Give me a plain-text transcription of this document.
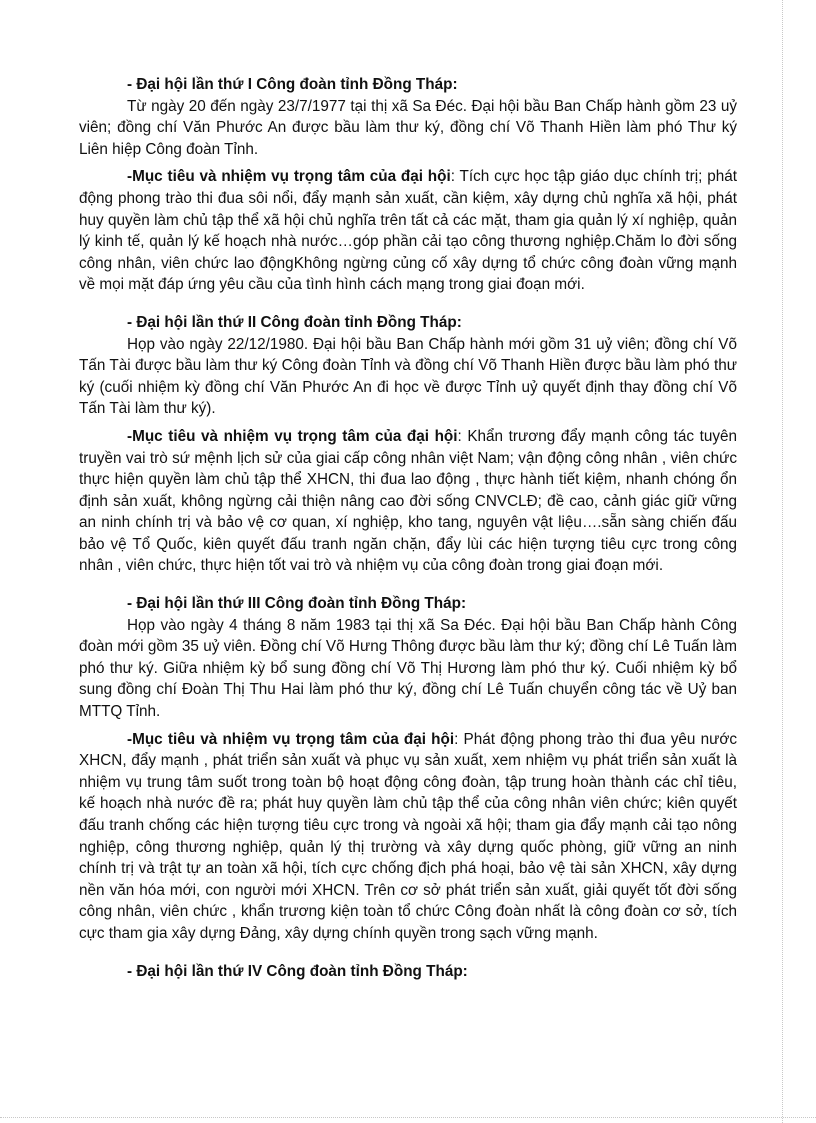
- Đại hội lần thứ I Công đoàn tỉnh Đồng Tháp:

Từ ngày 20 đến ngày 23/7/1977 tại thị xã Sa Đéc. Đại hội bầu Ban Chấp hành gồm 23 uỷ viên; đồng chí Văn Phước An được bầu làm thư ký, đồng chí Võ Thanh Hiền làm phó Thư ký Liên hiệp Công đoàn Tỉnh.

-Mục tiêu và nhiệm vụ trọng tâm của đại hội: Tích cực học tập giáo dục chính trị; phát động phong trào thi đua sôi nổi, đẩy mạnh sản xuất, cần kiệm, xây dựng chủ nghĩa xã hội, phát huy quyền làm chủ tập thể xã hội chủ nghĩa trên tất cả các mặt, tham gia quản lý xí nghiệp, quản lý kinh tế, quản lý kế hoạch nhà nước…góp phần cải tạo công thương nghiệp.Chăm lo đời sống công nhân, viên chức lao độngKhông ngừng củng cố xây dựng tổ chức công đoàn vững mạnh về mọi mặt đáp ứng yêu cầu của tình hình cách mạng trong giai đoạn mới.

- Đại hội lần thứ II Công đoàn tỉnh Đồng Tháp:

Họp vào ngày 22/12/1980. Đại hội bầu Ban Chấp hành mới gồm 31 uỷ viên; đồng chí Võ Tấn Tài được bầu làm thư ký Công đoàn Tỉnh và đồng chí Võ Thanh Hiền được bầu làm phó thư ký (cuối nhiệm kỳ đồng chí Văn Phước An đi học về được Tỉnh uỷ quyết định thay đồng chí Võ Tấn Tài làm thư ký).

-Mục tiêu và nhiệm vụ trọng tâm của đại hội: Khẩn trương đẩy mạnh công tác tuyên truyền vai trò sứ mệnh lịch sử của giai cấp công nhân việt Nam; vận động công nhân , viên chức thực hiện quyền làm chủ tập thể XHCN, thi đua lao động , thực hành tiết kiệm, nhanh chóng ổn định sản xuất, không ngừng cải thiện nâng cao đời sống CNVCLĐ; đề cao, cảnh giác giữ vững an ninh chính trị và bảo vệ cơ quan, xí nghiệp, kho tang, nguyên vật liệu….sẵn sàng chiến đấu bảo vệ Tổ Quốc, kiên quyết đấu tranh ngăn chặn, đẩy lùi các hiện tượng tiêu cực trong công nhân , viên chức, thực hiện tốt vai trò và nhiệm vụ của công đoàn trong giai đoạn mới.

- Đại hội lần thứ III Công đoàn tỉnh Đồng Tháp:

Họp vào ngày 4 tháng 8 năm 1983 tại thị xã Sa Đéc. Đại hội bầu Ban Chấp hành Công đoàn mới gồm 35 uỷ viên. Đồng chí Võ Hưng Thông được bầu làm thư ký; đồng chí Lê Tuấn làm phó thư ký. Giữa nhiệm kỳ bổ sung đồng chí Võ Thị Hương làm phó thư ký. Cuối nhiệm kỳ bổ sung đồng chí Đoàn Thị Thu Hai làm phó thư ký, đồng chí Lê Tuấn chuyển công tác về Uỷ ban MTTQ Tỉnh.

-Mục tiêu và nhiệm vụ trọng tâm của đại hội: Phát động phong trào thi đua yêu nước XHCN, đẩy mạnh , phát triển sản xuất và phục vụ sản xuất, xem nhiệm vụ phát triển sản xuất là nhiệm vụ trung tâm suốt trong toàn bộ hoạt động công đoàn, tập trung hoàn thành các chỉ tiêu, kế hoạch nhà nước đề ra; phát huy quyền làm chủ tập thể của công nhân viên chức; kiên quyết đấu tranh chống các hiện tượng tiêu cực trong và ngoài xã hội; tham gia đẩy mạnh cải tạo nông nghiệp, công thương nghiệp, quản lý thị trường và xây dựng quốc phòng, giữ vững an ninh chính trị và trật tự an toàn xã hội, tích cực chống địch phá hoại, bảo vệ tài sản XHCN, xây dựng nền văn hóa mới, con người mới XHCN. Trên cơ sở phát triển sản xuất, giải quyết tốt đời sống công nhân, viên chức , khẩn trương kiện toàn tổ chức Công đoàn nhất là công đoàn cơ sở, tích cực tham gia xây dựng Đảng, xây dựng chính quyền trong sạch vững mạnh.

- Đại hội lần thứ IV Công đoàn tỉnh Đồng Tháp:
